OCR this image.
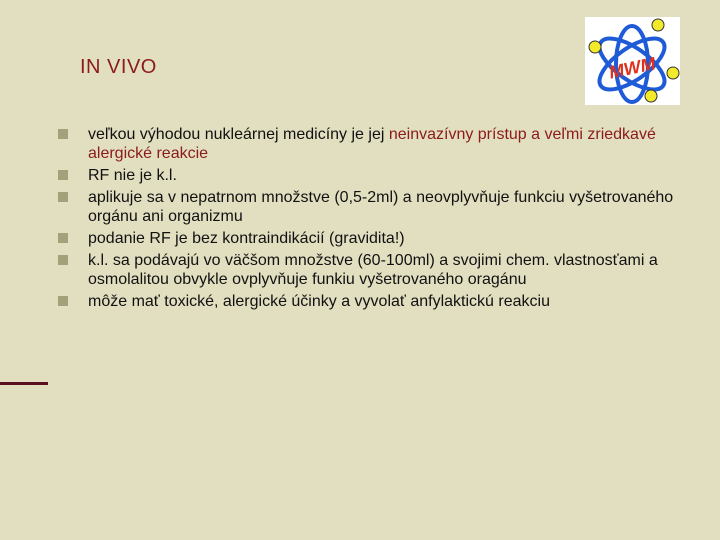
IN VIVO	MWM
veľkou výhodou nukleárnej medicíny je jej neinvazívny prístup a veľmi zriedkavé alergické reakcie
RF nie je k.l.
aplikuje sa v nepatrnom množstve (0,5-2ml) a neovplyvňuje funkciu vyšetrovaného orgánu ani organizmu
podanie RF je bez kontraindikácií (gravidita!)
k.l. sa podávajú vo väčšom množstve (60-100ml) a svojimi chem. vlastnosťami a osmolalitou obvykle ovplyvňuje funkiu vyšetrovaného oragánu
môže mať toxické, alergické účinky a vyvolať anfylaktickú reakciu
